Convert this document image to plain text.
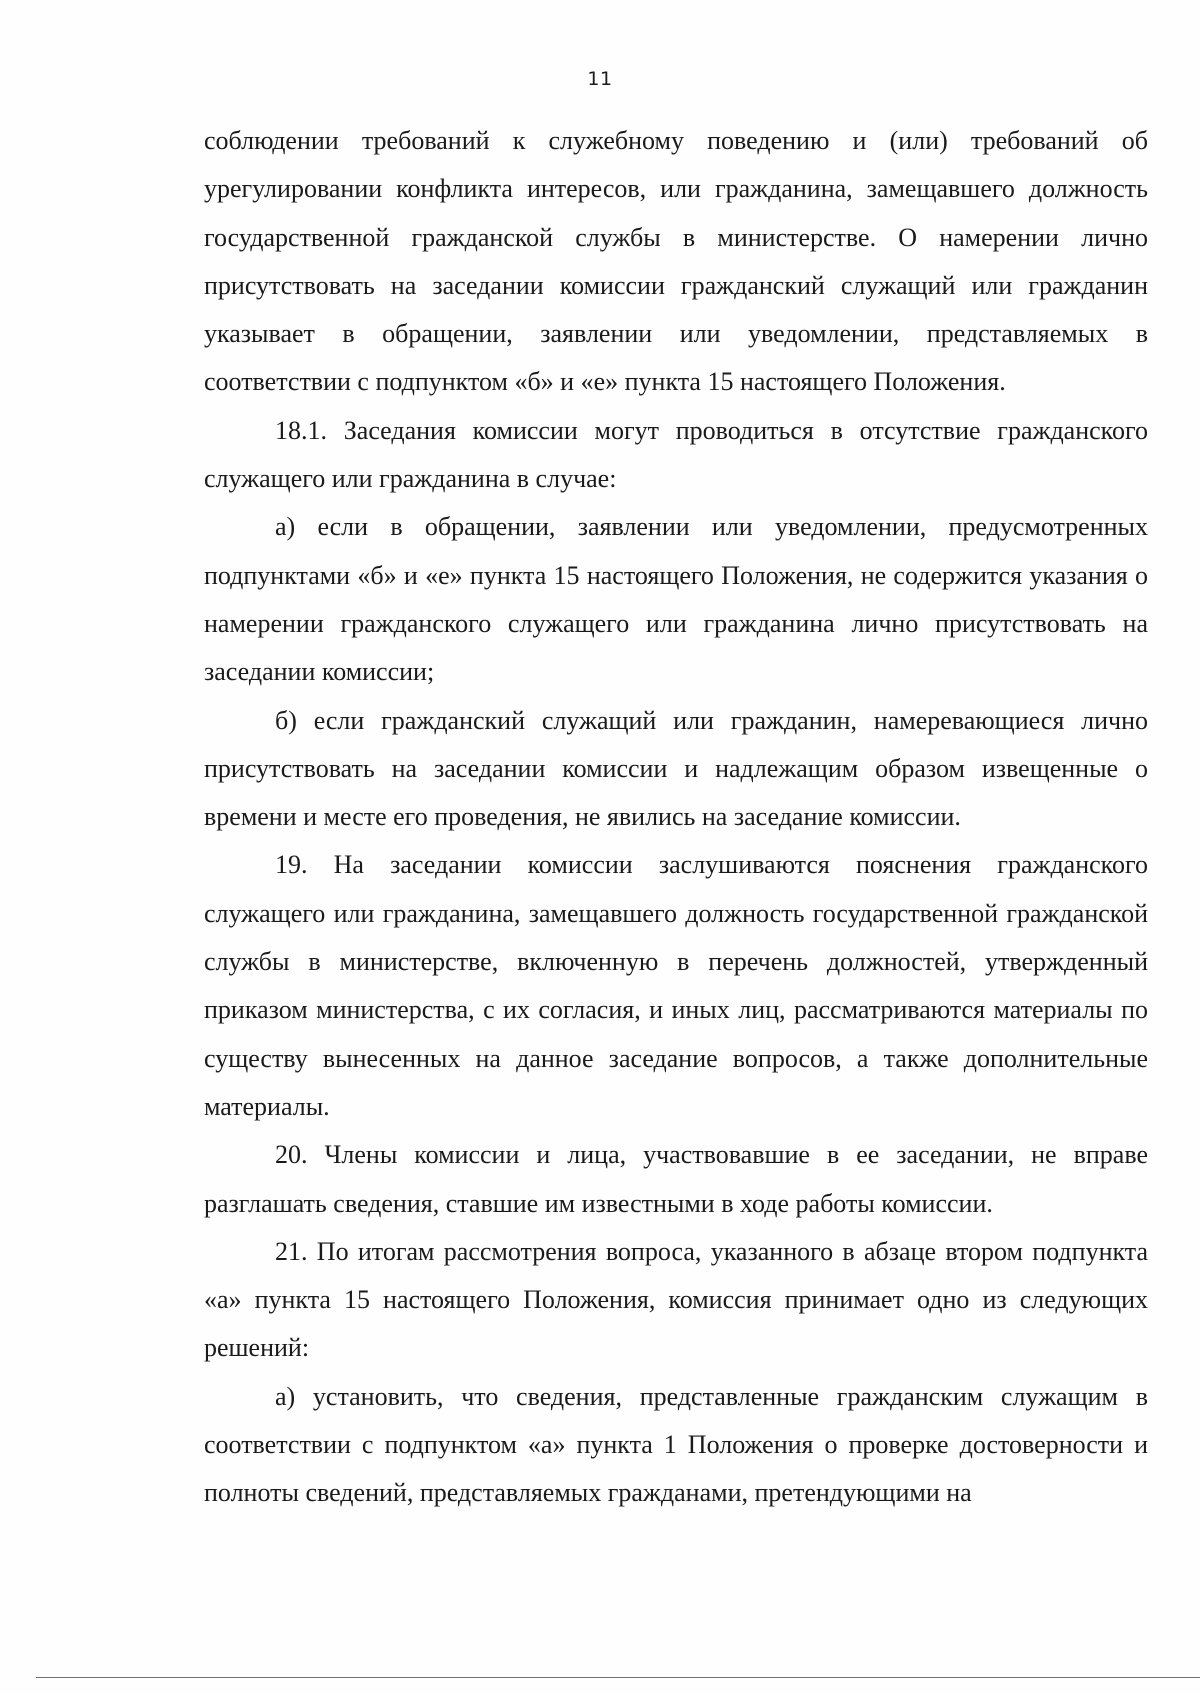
11

соблюдении требований к служебному поведению и (или) требований об урегулировании конфликта интересов, или гражданина, замещавшего должность государственной гражданской службы в министерстве. О намерении лично присутствовать на заседании комиссии гражданский служащий или гражданин указывает в обращении, заявлении или уведомлении, представляемых в соответствии с подпунктом «б» и «е» пункта 15 настоящего Положения.

18.1. Заседания комиссии могут проводиться в отсутствие гражданского служащего или гражданина в случае:

а) если в обращении, заявлении или уведомлении, предусмотренных подпунктами «б» и «е» пункта 15 настоящего Положения, не содержится указания о намерении гражданского служащего или гражданина лично присутствовать на заседании комиссии;

б) если гражданский служащий или гражданин, намеревающиеся лично присутствовать на заседании комиссии и надлежащим образом извещенные о времени и месте его проведения, не явились на заседание комиссии.

19. На заседании комиссии заслушиваются пояснения гражданского служащего или гражданина, замещавшего должность государственной гражданской службы в министерстве, включенную в перечень должностей, утвержденный приказом министерства, с их согласия, и иных лиц, рассматриваются материалы по существу вынесенных на данное заседание вопросов, а также дополнительные материалы.

20. Члены комиссии и лица, участвовавшие в ее заседании, не вправе разглашать сведения, ставшие им известными в ходе работы комиссии.

21. По итогам рассмотрения вопроса, указанного в абзаце втором подпункта «а» пункта 15 настоящего Положения, комиссия принимает одно из следующих решений:

а) установить, что сведения, представленные гражданским служащим в соответствии с подпунктом «а» пункта 1 Положения о проверке достоверности и полноты сведений, представляемых гражданами, претендующими на
